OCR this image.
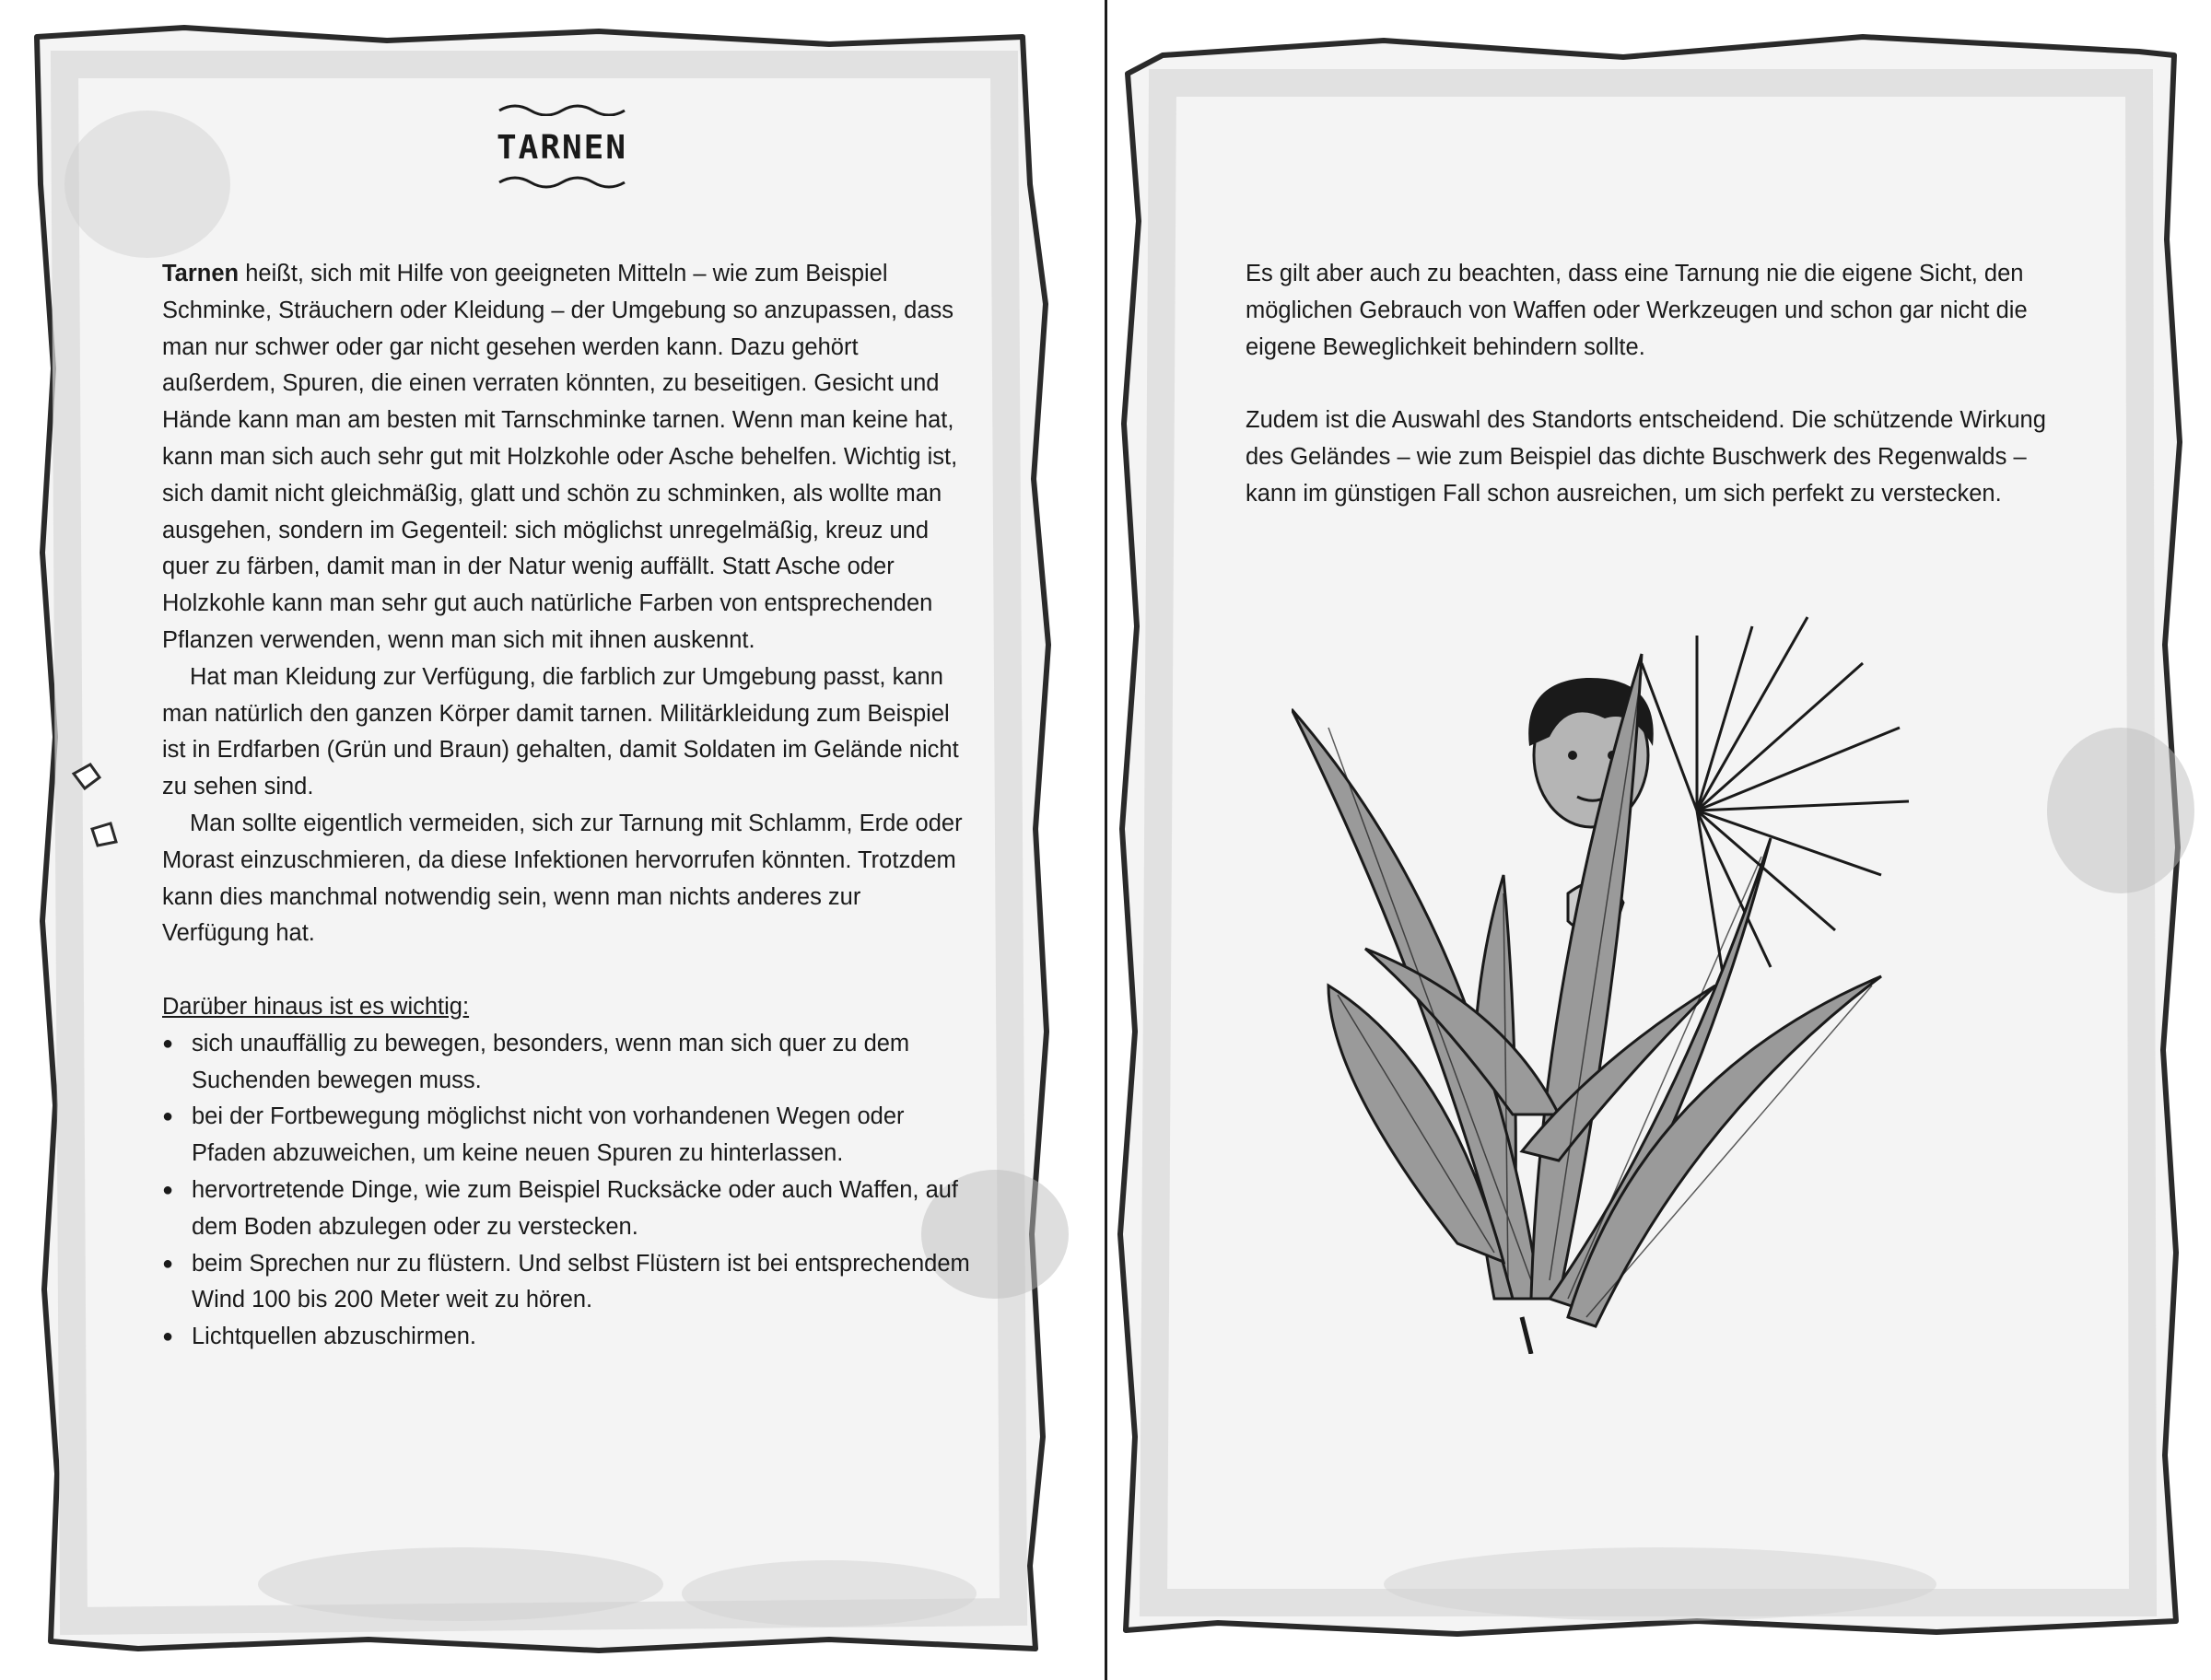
TARNEN

Tarnen heißt, sich mit Hilfe von geeigneten Mitteln – wie zum Beispiel Schminke, Sträuchern oder Kleidung – der Umgebung so anzupassen, dass man nur schwer oder gar nicht gesehen werden kann. Dazu gehört außerdem, Spuren, die einen verraten könnten, zu beseitigen. Gesicht und Hände kann man am besten mit Tarnschminke tarnen. Wenn man keine hat, kann man sich auch sehr gut mit Holzkohle oder Asche behelfen. Wichtig ist, sich damit nicht gleichmäßig, glatt und schön zu schminken, als wollte man ausgehen, sondern im Gegenteil: sich möglichst unregelmäßig, kreuz und quer zu färben, damit man in der Natur wenig auffällt. Statt Asche oder Holzkohle kann man sehr gut auch natürliche Farben von entsprechenden Pflanzen verwenden, wenn man sich mit ihnen auskennt.

Hat man Kleidung zur Verfügung, die farblich zur Umgebung passt, kann man natürlich den ganzen Körper damit tarnen. Militärkleidung zum Beispiel ist in Erdfarben (Grün und Braun) gehalten, damit Soldaten im Gelände nicht zu sehen sind.

Man sollte eigentlich vermeiden, sich zur Tarnung mit Schlamm, Erde oder Morast einzuschmieren, da diese Infektionen hervorrufen könnten. Trotzdem kann dies manchmal notwendig sein, wenn man nichts anderes zur Verfügung hat.

Darüber hinaus ist es wichtig:

● sich unauffällig zu bewegen, besonders, wenn man sich quer zu dem Suchenden bewegen muss.
● bei der Fortbewegung möglichst nicht von vorhandenen Wegen oder Pfaden abzuweichen, um keine neuen Spuren zu hinterlassen.
● hervortretende Dinge, wie zum Beispiel Rucksäcke oder auch Waffen, auf dem Boden abzulegen oder zu verstecken.
● beim Sprechen nur zu flüstern. Und selbst Flüstern ist bei entsprechendem Wind 100 bis 200 Meter weit zu hören.
● Lichtquellen abzuschirmen.

Es gilt aber auch zu beachten, dass eine Tarnung nie die eigene Sicht, den möglichen Gebrauch von Waffen oder Werkzeugen und schon gar nicht die eigene Beweglichkeit behindern sollte.

Zudem ist die Auswahl des Standorts entscheidend. Die schützende Wirkung des Geländes – wie zum Beispiel das dichte Buschwerk des Regenwalds – kann im günstigen Fall schon ausreichen, um sich perfekt zu verstecken.
